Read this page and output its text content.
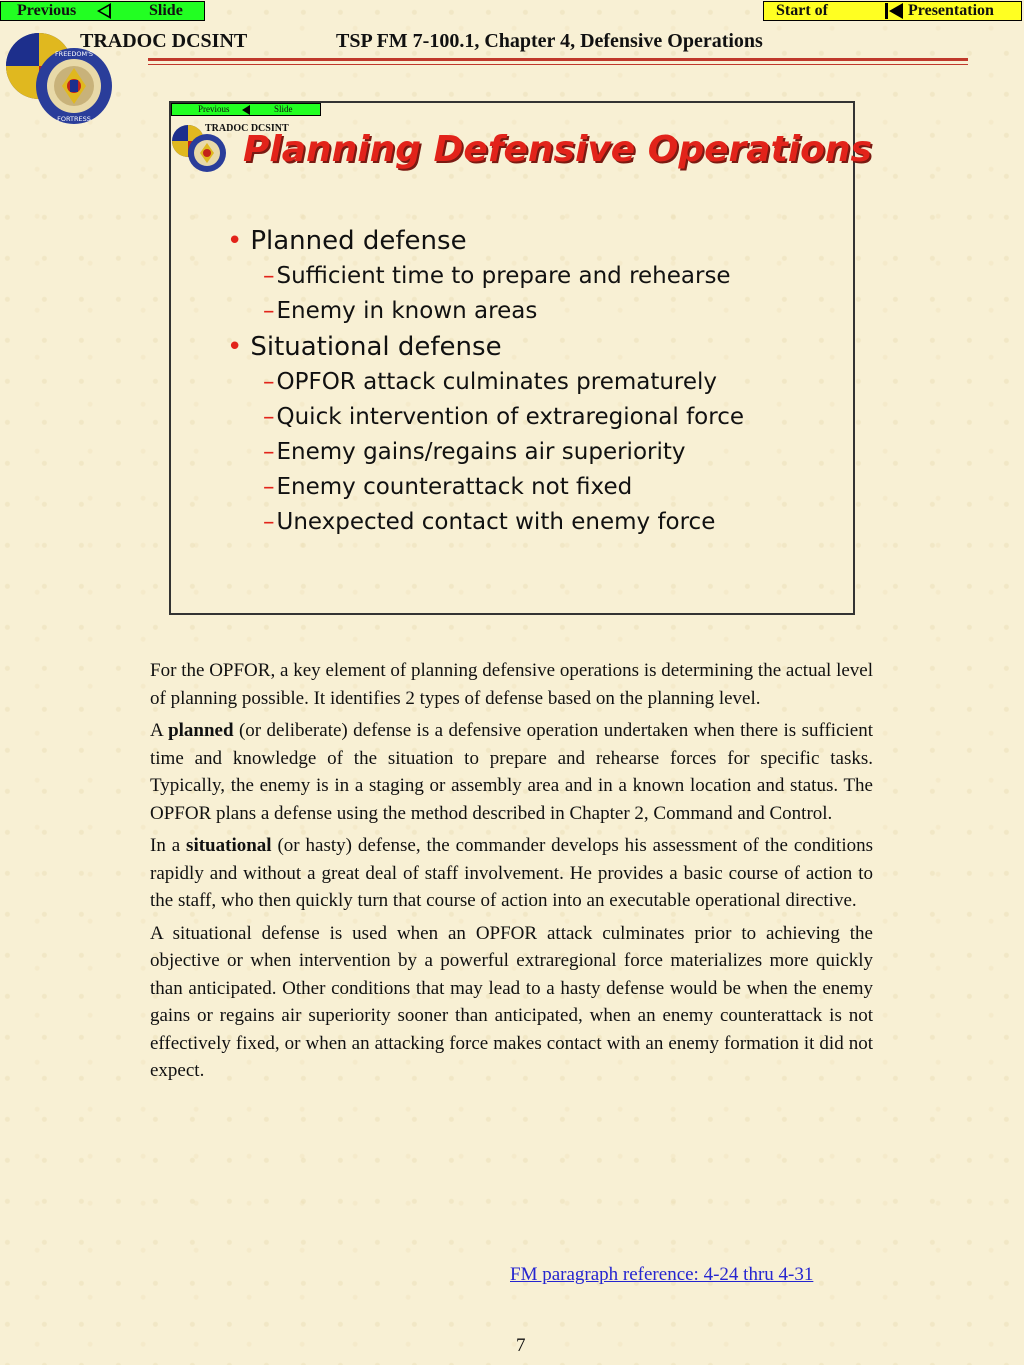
Previous	Slide	Start of	Presentation
FREEDOM'S
FORTRESS
TRADOC DCSINT	TSP FM 7-100.1, Chapter 4, Defensive Operations
Previous	Slide
TRADOC DCSINT
Planning Defensive Operations
• Planned defense
–Sufficient time to prepare and rehearse
–Enemy in known areas
• Situational defense
–OPFOR attack culminates prematurely
–Quick intervention of extraregional force
–Enemy gains/regains air superiority
–Enemy counterattack not fixed
–Unexpected contact with enemy force

For the OPFOR, a key element of planning defensive operations is determining the actual level of planning possible. It identifies 2 types of defense based on the planning level.

A planned (or deliberate) defense is a defensive operation undertaken when there is sufficient time and knowledge of the situation to prepare and rehearse forces for specific tasks. Typically, the enemy is in a staging or assembly area and in a known location and status. The OPFOR plans a defense using the method described in Chapter 2, Command and Control.

In a situational (or hasty) defense, the commander develops his assessment of the conditions rapidly and without a great deal of staff involvement. He provides a basic course of action to the staff, who then quickly turn that course of action into an executable operational directive.

A situational defense is used when an OPFOR attack culminates prior to achieving the objective or when intervention by a powerful extraregional force materializes more quickly than anticipated. Other conditions that may lead to a hasty defense would be when the enemy gains or regains air superiority sooner than anticipated, when an enemy counterattack is not effectively fixed, or when an attacking force makes contact with an enemy formation it did not expect.

FM paragraph reference: 4-24 thru 4-31
7
